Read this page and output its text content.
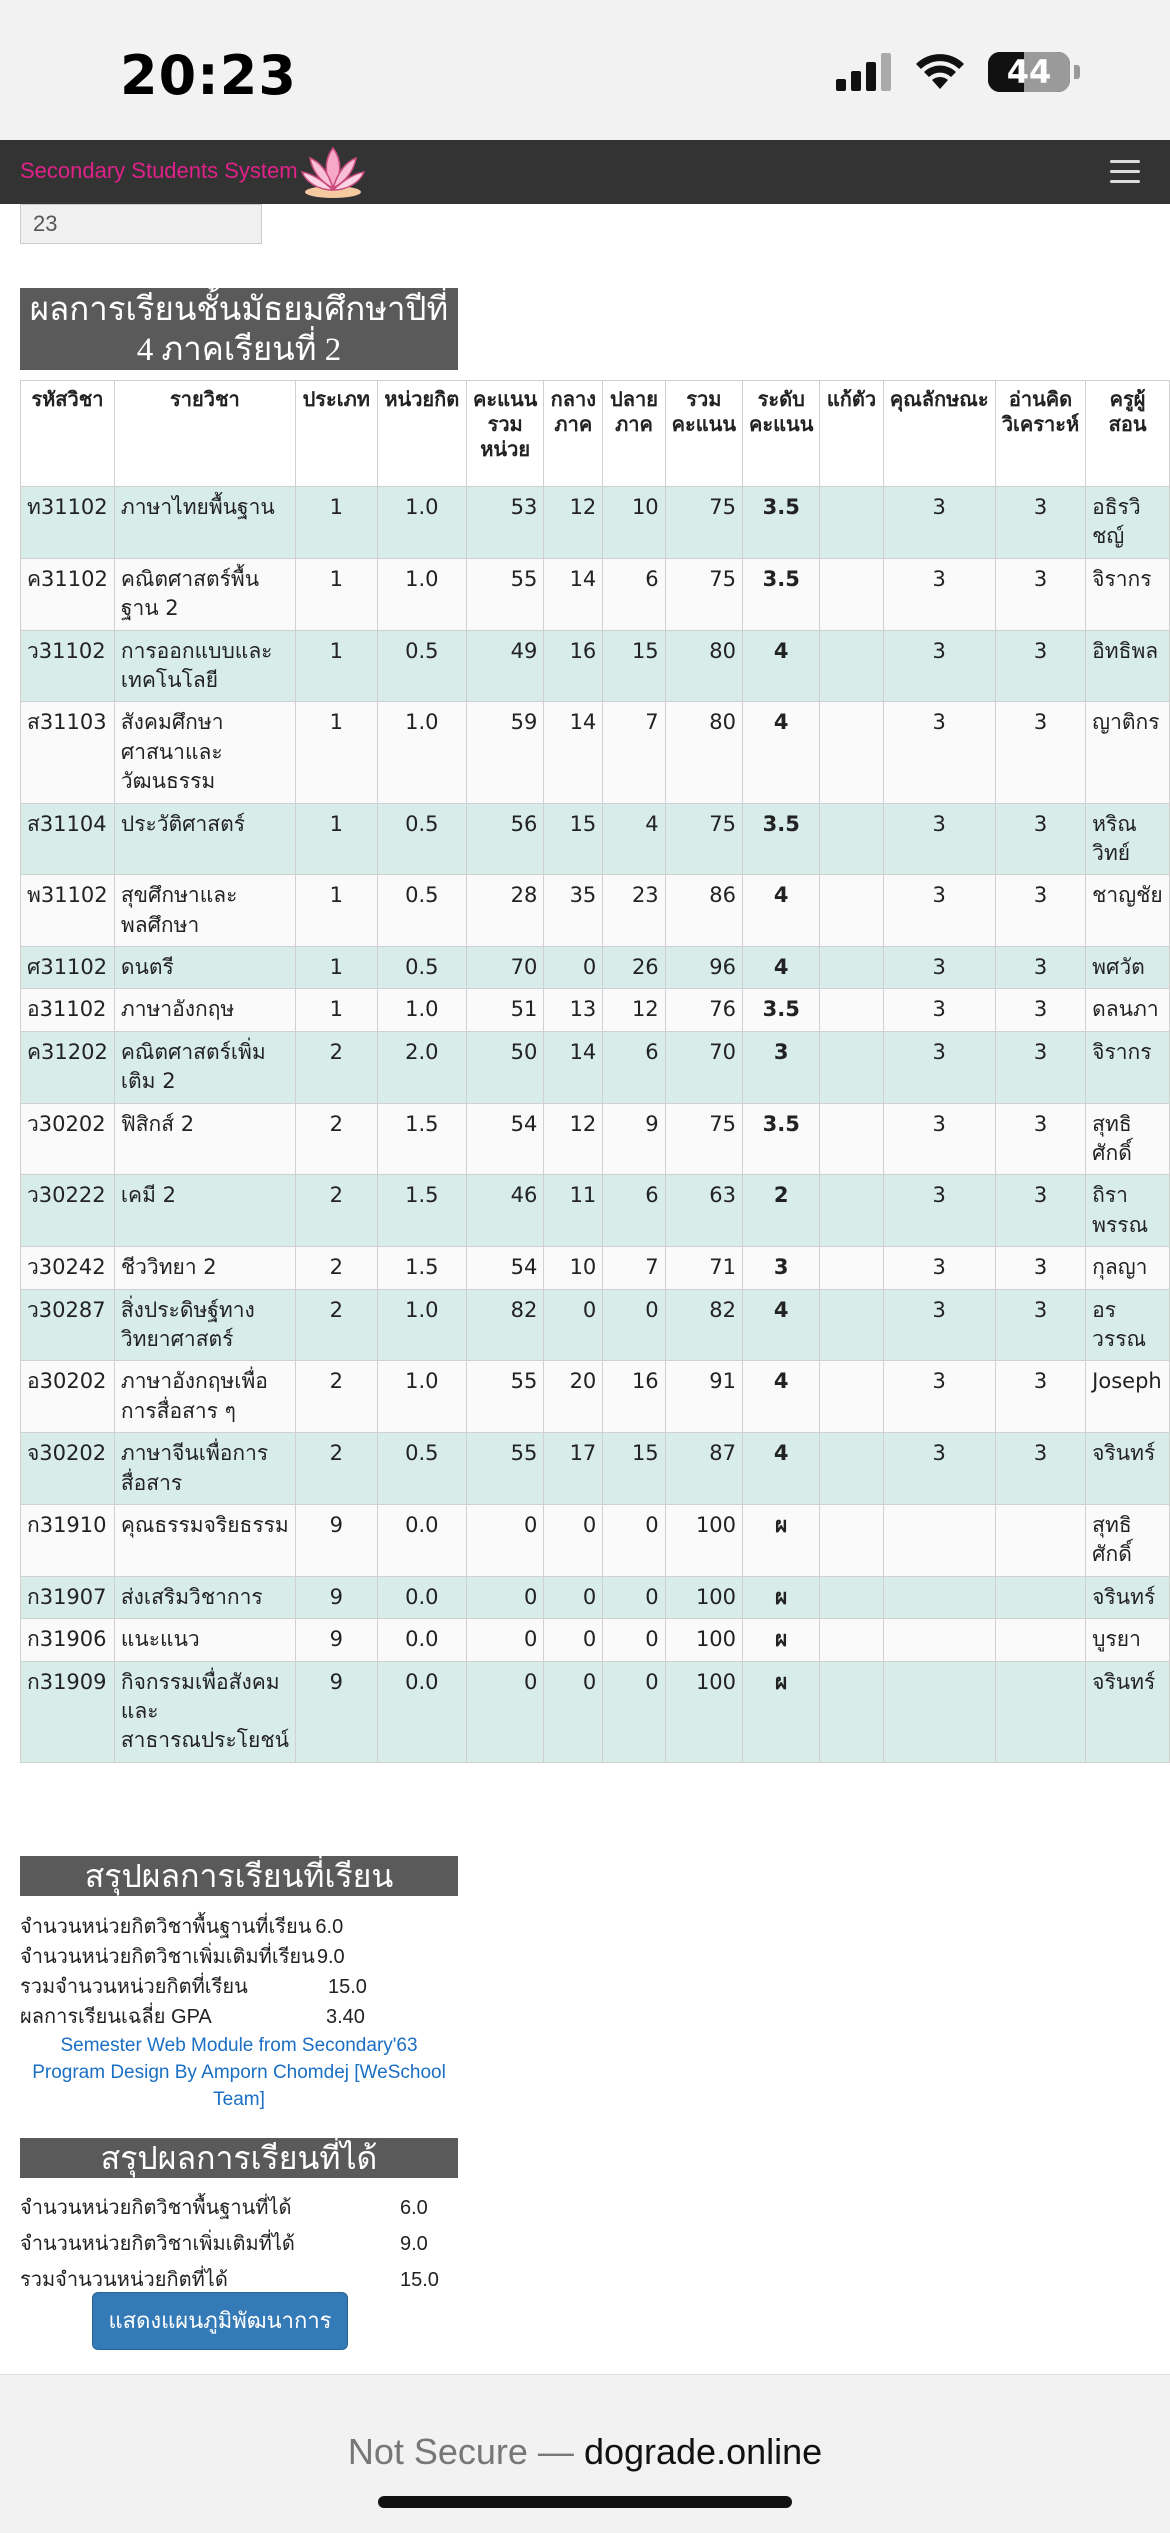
20:23	44
Secondary Students System
23
ผลการเรียนชั้นมัธยมศึกษาปีที่ 4 ภาคเรียนที่ 2
รหัสวิชา	รายวิชา	ประเภท	หน่วยกิต	คะแนนรวมหน่วย	กลางภาค	ปลายภาค	รวมคะแนน	ระดับคะแนน	แก้ตัว	คุณลักษณะ	อ่านคิดวิเคราะห์	ครูผู้สอน
ท31102	ภาษาไทยพื้นฐาน	1	1.0	53	12	10	75	3.5		3	3	อธิรวิชญ์
ค31102	คณิตศาสตร์พื้นฐาน 2	1	1.0	55	14	6	75	3.5		3	3	จิรากร
ว31102	การออกแบบและเทคโนโลยี	1	0.5	49	16	15	80	4		3	3	อิทธิพล
ส31103	สังคมศึกษา ศาสนาและวัฒนธรรม	1	1.0	59	14	7	80	4		3	3	ญาติกร
ส31104	ประวัติศาสตร์	1	0.5	56	15	4	75	3.5		3	3	หริณวิทย์
พ31102	สุขศึกษาและพลศึกษา	1	0.5	28	35	23	86	4		3	3	ชาญชัย
ศ31102	ดนตรี	1	0.5	70	0	26	96	4		3	3	พศวัต
อ31102	ภาษาอังกฤษ	1	1.0	51	13	12	76	3.5		3	3	ดลนภา
ค31202	คณิตศาสตร์เพิ่มเติม 2	2	2.0	50	14	6	70	3		3	3	จิรากร
ว30202	ฟิสิกส์ 2	2	1.5	54	12	9	75	3.5		3	3	สุทธิศักดิ์
ว30222	เคมี 2	2	1.5	46	11	6	63	2		3	3	ถิราพรรณ
ว30242	ชีววิทยา 2	2	1.5	54	10	7	71	3		3	3	กุลญา
ว30287	สิ่งประดิษฐ์ทางวิทยาศาสตร์	2	1.0	82	0	0	82	4		3	3	อรวรรณ
อ30202	ภาษาอังกฤษเพื่อการสื่อสาร ๆ	2	1.0	55	20	16	91	4		3	3	Joseph
จ30202	ภาษาจีนเพื่อการสื่อสาร	2	0.5	55	17	15	87	4		3	3	จรินทร์
ก31910	คุณธรรมจริยธรรม	9	0.0	0	0	0	100	ผ				สุทธิศักดิ์
ก31907	ส่งเสริมวิชาการ	9	0.0	0	0	0	100	ผ				จรินทร์
ก31906	แนะแนว	9	0.0	0	0	0	100	ผ				บูรยา
ก31909	กิจกรรมเพื่อสังคมและสาธารณประโยชน์	9	0.0	0	0	0	100	ผ				จรินทร์
สรุปผลการเรียนที่เรียน
จำนวนหน่วยกิตวิชาพื้นฐานที่เรียน 6.0
จำนวนหน่วยกิตวิชาเพิ่มเติมที่เรียน 9.0
รวมจำนวนหน่วยกิตที่เรียน	15.0
ผลการเรียนเฉลี่ย GPA	3.40
Semester Web Module from Secondary'63
Program Design By Amporn Chomdej [WeSchool Team]
สรุปผลการเรียนที่ได้
จำนวนหน่วยกิตวิชาพื้นฐานที่ได้	6.0
จำนวนหน่วยกิตวิชาเพิ่มเติมที่ได้	9.0
รวมจำนวนหน่วยกิตที่ได้	15.0
แสดงแผนภูมิพัฒนาการ
Not Secure — dograde.online
